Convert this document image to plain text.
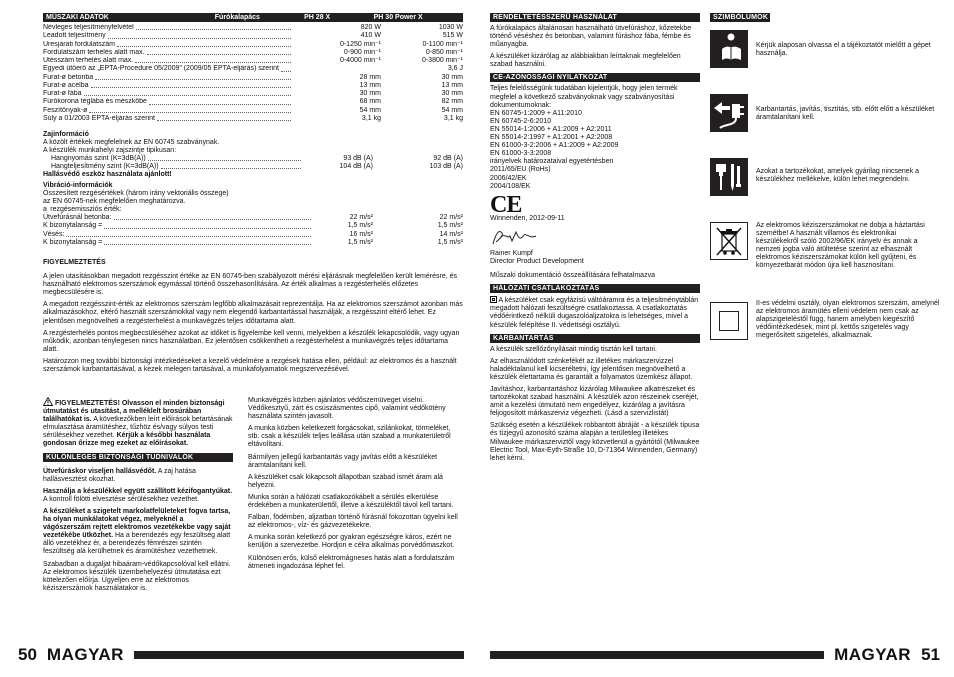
MŰSZAKI ADATOK	Fúrókalapács	PH 28 X	PH 30 Power X
Névleges teljesítményfelvétel	820 W	1030 W
Leadott teljesítmény	410 W	515 W
Üresjárati fordulatszám	0-1250 min⁻¹	0-1100 min⁻¹
Fordulatszám terhelés alatt max.	0-900 min⁻¹	0-850 min⁻¹
Ütésszám terhelés alatt max.	0-4000 min⁻¹	0-3800 min⁻¹
Egyedi ütőerő az „EPTA-Procedure 05/2009” (2009/05 EPTA-eljárás) szerint	3,6 J
Furat-ø betonba	28 mm	30 mm
Furat-ø acélba	13 mm	13 mm
Furat-ø fába	30 mm	30 mm
Fúrókorona téglába és mészkőbe	68 mm	82 mm
Feszítőnyak-ø	54 mm	54 mm
Súly a 01/2003 EPTA-eljárás szerint	3,1 kg	3,1 kg
Zajinformáció
A közölt értékek megfelelnek az EN 60745 szabványnak.
A készülék munkahelyi zajszintje tipikusan:
Hangnyomás szint (K=3dB(A))	93 dB (A)	92 dB (A)
Hangteljesítmény szint (K=3dB(A))	104 dB (A)	103 dB (A)
Hallásvédő eszköz használata ajánlott!
Vibráció-információk
Összesített rezgésértékek (három irány vektoriális összege)
az EN 60745-nek megfelelően meghatározva.
a  rezgésemissziós érték:
Ütvefúrásnál betonba:	22 m/s²	22 m/s²
K bizonytalanság =	1,5 m/s²	1,5 m/s²
Vésés:	16 m/s²	14 m/s²
K bizonytalanság =	1,5 m/s²	1,5 m/s²
FIGYELMEZTETÉS

A jelen utasításokban megadott rezgésszint értéke az EN 60745-ben szabályozott mérési eljárásnak megfelelően került lemérésre, és használható elektromos szerszámok egymással történő összehasonlítására. Az érték alkalmas a rezgésterhelés előzetes megbecsülésére is.

A megadott rezgésszint-érték az elektromos szerszám legfőbb alkalmazásait reprezentálja. Ha az elektromos szerszámot azonban más alkalmazásokhoz, eltérő használt szerszámokkal vagy nem elegendő karbantartással használják, a rezgésszint eltérő lehet. Ez jelentősen megnövelheti a rezgésterhelést a munkavégzés teljes időtartama alatt.

A rezgésterhelés pontos megbecsüléséhez azokat az időket is figyelembe kell venni, melyekben a készülék lekapcsolódik, vagy ugyan működik, azonban ténylegesen nincs használatban. Ez jelentősen csökkentheti a rezgésterhelést a munkavégzés teljes időtartama alatt.

Határozzon meg további biztonsági intézkedéseket a kezelő védelmére a rezgések hatása ellen, például: az elektromos és a használt szerszámok karbantartásával, a kezek melegen tartásával, a munkafolyamatok megszervezésével.

FIGYELMEZTETÉS! Olvasson el minden biztonsági útmutatást és utasítást, a melléklelt brosúrában találhatókat is. A következőkben leírt előírások betartásának elmulasztása áramütéshez, tűzhöz és/vagy súlyos testi sérülésekhez vezethet. Kérjük a későbbi használata gondosan őrizze meg ezeket az előírásokat.

KÜLÖNLEGES BIZTONSÁGI TUDNIVALÓK

Ütvefúráskor viseljen hallásvédőt. A zaj hatása hallásvesztést okozhat.

Használja a készülékkel együtt szállított kézifogantyúkat. A kontroll fölötti elvesztése sérülésekhez vezethet.

A készüléket a szigetelt markolatfelületeket fogva tartsa, ha olyan munkálatokat végez, melyeknél a vágószerszám rejtett elektromos vezetékekbe vagy saját vezetékébe ütközhet. Ha a berendezés egy feszültség alatt álló vezetékhez ér, a berendezés fémrészei szintén feszültség alá kerülhetnek és áramütéshez vezethetnek.

Szabadban a dugaljat hibaáram-védőkapcsolóval kell ellátni. Az elektromos készülék üzembehelyezési útmutatása ezt kötelezően előírja. Ügyeljen erre az elektromos kéziszerszámok használatakor is.

Munkavégzés közben ajánlatos védőszemüveget viselni. Védőkesztyű, zárt és csúszásmentes cipő, valamint védőkötény használata szintén javasolt.

A munka közben keletkezett forgácsokat, szilánkokat, törmeléket, stb. csak a készülék teljes leállása után szabad a munkaterületről eltávolítani.

Bármilyen jellegű karbantartás vagy javítás előtt a készüléket áramtalanítani kell.

A készüléket csak kikapcsolt állapotban szabad ismét áram alá helyezni.

Munka során a hálózati csatlakozókábelt a sérülés elkerülése érdekében a munkaterülettől, illetve a készüléktől távol kell tartani.

Falban, födémben, aljzatban történő fúrásnál fokozottan ügyelni kell az elektromos-, víz- és gázvezetékekre.

A munka során keletkező por gyakran egészségre káros, ezért ne kerüljön a szervezetbe. Hordjon e célra alkalmas porvédőmaszkot.

Különösen erős, külső elektromágneses hatás alatt a fordulatszám átmeneti ingadozása léphet fel.

50 MAGYAR
RENDELTETÉSSZERŰ HASZNÁLAT

A fúrókalapács általánosan használható ütvefúráshoz, kőzetekbe történő véséshez és betonban, valamint fúráshoz fába, fémbe és műanyagba.

A készüléket kizárólag az alábbiakban leírtaknak megfelelően szabad használni.

CE-AZONOSSÁGI NYILATKOZAT
Teljes felelősségünk tudatában kijelentjük, hogy jelen termék megfelel a következő szabványoknak vagy szabványosítási dokumentumoknak:
EN 60745-1:2009 + A11:2010
EN 60745-2-6:2010
EN 55014-1:2006 + A1:2009 + A2:2011
EN 55014-2:1997 + A1:2001 + A2:2008
EN 61000-3-2:2006 + A1:2009 + A2:2009
EN 61000-3-3:2008
irányelvek határozataival egyetértésben
2011/65/EU (RoHs)
2006/42/EK
2004/108/EK
CE
Winnenden, 2012-09-11
Rainer Kumpf
Director Product Development

Műszaki dokumentáció összeállítására felhatalmazva

HÁLÓZATI CSATLAKOZTATÁS

A készüléket csak egyfázisú váltóáramra és a teljesítménytáblán megadott hálózati feszültségre csatlakoztassa. A csatlakoztatás védőérintkező nélküli dugaszolóaljzatokra is lehetséges, mivel a készülék felépítése II. védettségi osztályú.

KARBANTARTÁS

A készülék szellőzőnyílásait mindig tisztán kell tartani.

Az elhasználódott szénkefékét az illetékes márkaszervizzel haladéktalanul kell kicseréltetni, így jelentősen megnövelhető a készülék élettartama és garantált a folyamatos üzemkész állapot.

Javításhoz, karbantartáshoz kizárólag Milwaukee alkatrészeket és tartozékokat szabad használni. A készülék azon részeinek cseréjét, amit a kezelési útmutató nem engedélyez, kizárólag a javításra feljogosított márkaszerviz végezheti. (Lásd a szervizlistát)

Szükség esetén a készülékek robbantott ábráját - a készülék típusa és tízjegyű azonosító száma alapján a területileg illetékes Milwaukee márkaszerviztől vagy közvetlenül a gyártótól (Milwaukee Electric Tool, Max-Eyth-Straße 10, D-71364 Winnenden, Germany) lehet kérni.

SZIMBÓLUMOK
Kérjük alaposan olvassa el a tájékoztatót mielőtt a gépet használja.
Karbantartás, javítás, tisztítás, stb. előtt előtt a készüléket áramtalanítani kell.
Azokat a tartozékokat, amelyek gyárilag nincsenek a készülékhez mellékelve, külön lehet megrendelni.
Az elektromos kéziszerszámokat ne dobja a háztartási szemétbe! A használt villamos és elektronikai készülékekről szóló 2002/96/EK irányelv és annak a nemzeti jogba való átültetése szerint az elhasznált elektromos kéziszerszámokat külön kell gyűjteni, és környezetbarát módon újra kell hasznosítani.
II-es védelmi osztály, olyan elektromos szerszám, amelynél az elektromos áramütés elleni védelem nem csak az alapszigeteléstől függ, hanem amelyben kiegészítő védőintézkedések, mint pl. kettős szigetelés vagy megerősített szigetelés, alkalmaznak.
MAGYAR 51
